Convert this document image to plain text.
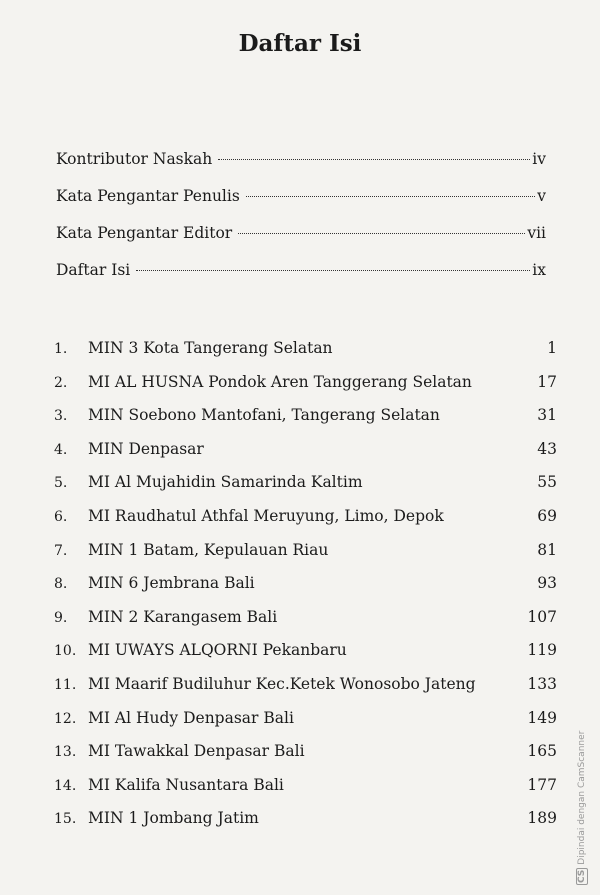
Daftar Isi
Kontributor Naskah	iv
Kata Pengantar Penulis	v
Kata Pengantar Editor	vii
Daftar Isi	ix
1.	MIN 3 Kota Tangerang Selatan	1
2.	MI AL HUSNA Pondok Aren Tanggerang Selatan	17
3.	MIN Soebono Mantofani, Tangerang Selatan	31
4.	MIN Denpasar	43
5.	MI Al Mujahidin Samarinda Kaltim	55
6.	MI Raudhatul Athfal Meruyung, Limo, Depok	69
7.	MIN 1 Batam, Kepulauan Riau	81
8.	MIN 6 Jembrana Bali	93
9.	MIN 2 Karangasem Bali	107
10. MI UWAYS ALQORNI Pekanbaru	119
11. MI Maarif Budiluhur Kec.Ketek Wonosobo Jateng	133
12. MI Al Hudy Denpasar Bali	149
13. MI Tawakkal Denpasar Bali	165
14. MI Kalifa Nusantara Bali	177
15. MIN 1 Jombang Jatim	189
CSDipindai dengan CamScanner
